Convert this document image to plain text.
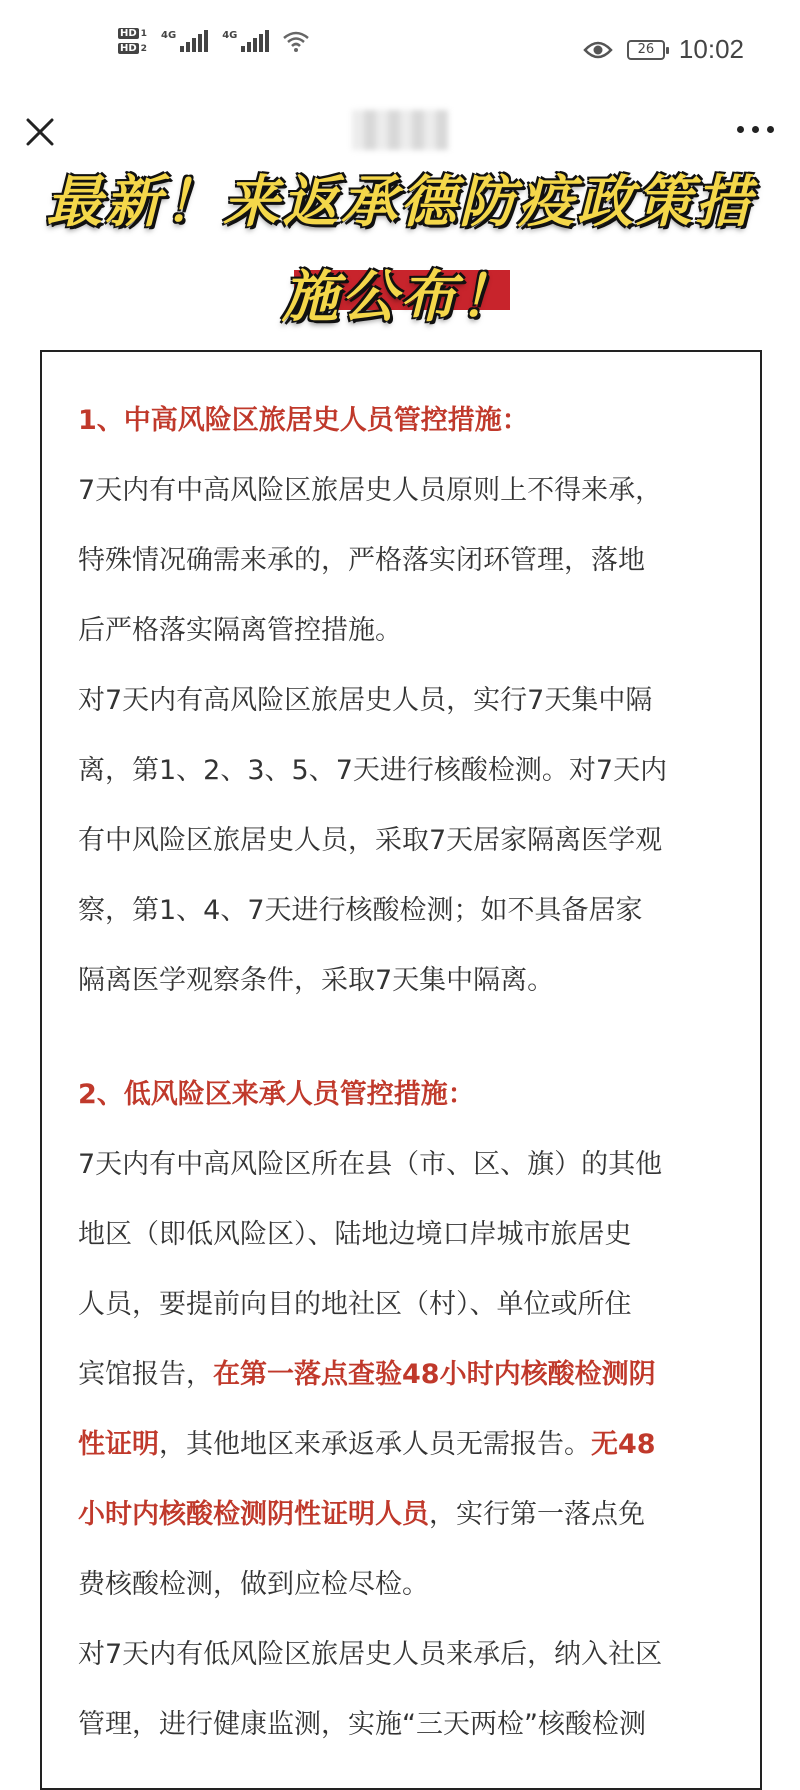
HD 1
HD 2
4G	4G
26 10:02
最新！来返承德防疫政策措
施公布！

1、中高风险区旅居史人员管控措施：

7天内有中高风险区旅居史人员原则上不得来承，

特殊情况确需来承的，严格落实闭环管理，落地

后严格落实隔离管控措施。

对7天内有高风险区旅居史人员，实行7天集中隔

离，第1、2、3、5、7天进行核酸检测。对7天内

有中风险区旅居史人员，采取7天居家隔离医学观

察，第1、4、7天进行核酸检测；如不具备居家

隔离医学观察条件，采取7天集中隔离。

2、低风险区来承人员管控措施：

7天内有中高风险区所在县（市、区、旗）的其他

地区（即低风险区）、陆地边境口岸城市旅居史

人员，要提前向目的地社区（村）、单位或所住

宾馆报告，在第一落点查验48小时内核酸检测阴

性证明，其他地区来承返承人员无需报告。无48

小时内核酸检测阴性证明人员，实行第一落点免

费核酸检测，做到应检尽检。

对7天内有低风险区旅居史人员来承后，纳入社区

管理，进行健康监测，实施“三天两检”核酸检测
